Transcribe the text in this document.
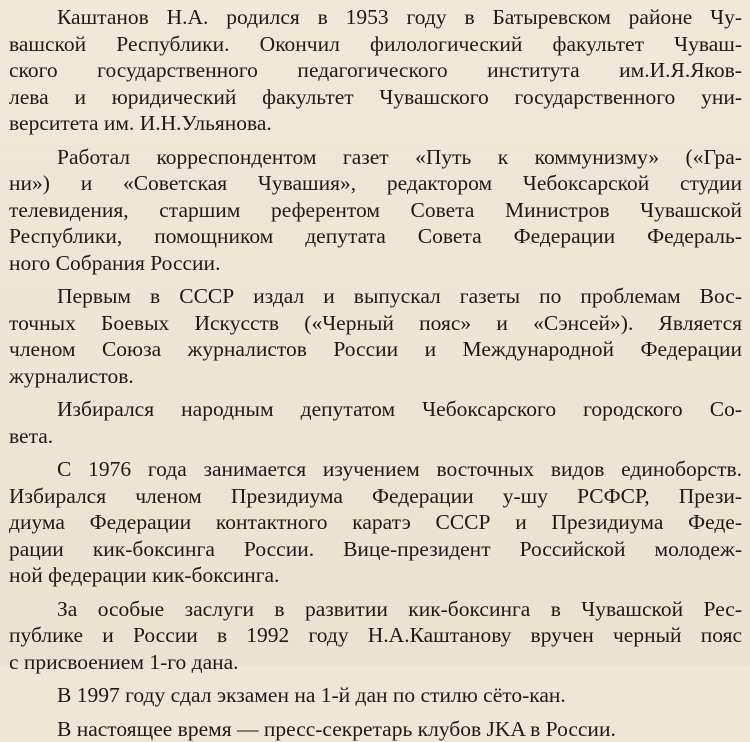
Каштанов Н.А. родился в 1953 году в Батыревском районе Чу-
вашской Республики. Окончил филологический факультет Чуваш-
ского государственного педагогического института им.И.Я.Яков-
лева и юридический факультет Чувашского государственного уни-
верситета им. И.Н.Ульянова.

Работал корреспондентом газет «Путь к коммунизму» («Гра-
ни») и «Советская Чувашия», редактором Чебоксарской студии
телевидения, старшим референтом Совета Министров Чувашской
Республики, помощником депутата Совета Федерации Федераль-
ного Собрания России.

Первым в СССР издал и выпускал газеты по проблемам Вос-
точных Боевых Искусств («Черный пояс» и «Сэнсей»). Является
членом Союза журналистов России и Международной Федерации
журналистов.

Избирался народным депутатом Чебоксарского городского Со-
вета.

С 1976 года занимается изучением восточных видов единоборств.
Избирался членом Президиума Федерации у-шу РСФСР, Прези-
диума Федерации контактного каратэ СССР и Президиума Феде-
рации кик-боксинга России. Вице-президент Российской молодеж-
ной федерации кик-боксинга.

За особые заслуги в развитии кик-боксинга в Чувашской Рес-
публике и России в 1992 году Н.А.Каштанову вручен черный пояс
с присвоением 1-го дана.

В 1997 году сдал экзамен на 1-й дан по стилю сёто-кан.

В настоящее время — пресс-секретарь клубов JKA в России.
